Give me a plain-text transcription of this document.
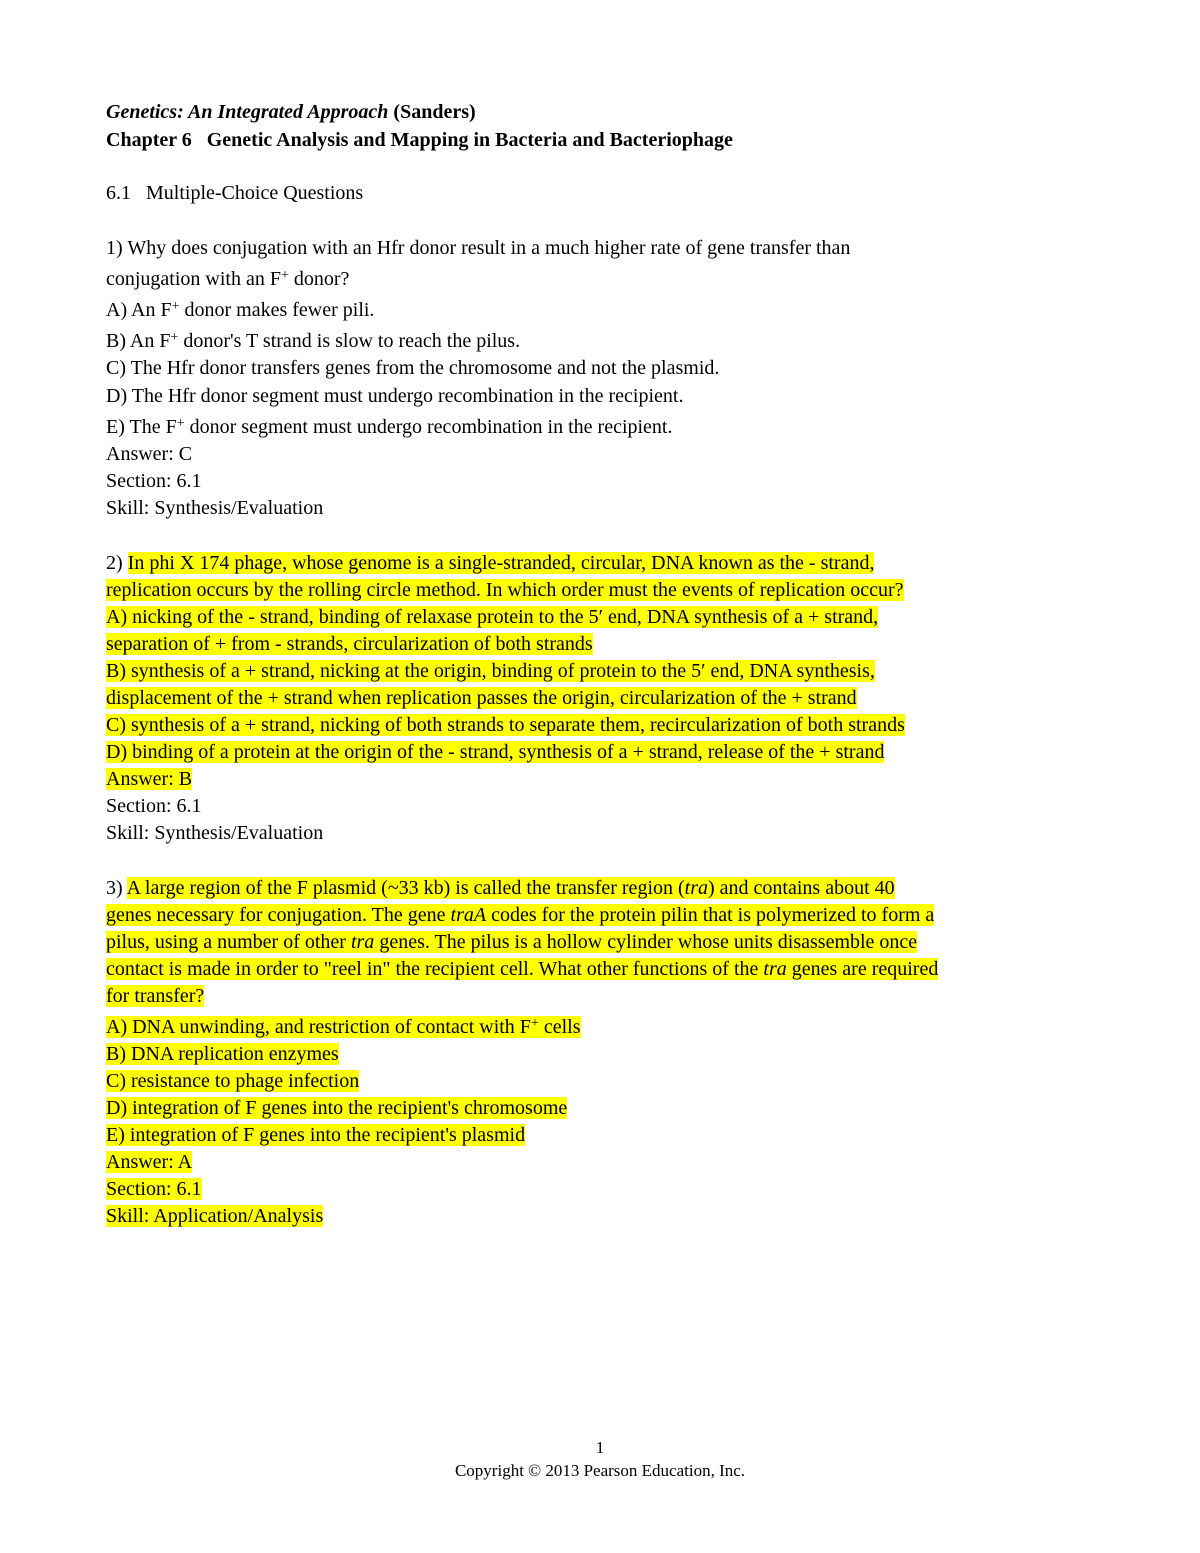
Genetics: An Integrated Approach (Sanders)
Chapter 6 Genetic Analysis and Mapping in Bacteria and Bacteriophage
6.1   Multiple-Choice Questions
1) Why does conjugation with an Hfr donor result in a much higher rate of gene transfer than
conjugation with an F+ donor?
A) An F+ donor makes fewer pili.
B) An F+ donor's T strand is slow to reach the pilus.
C) The Hfr donor transfers genes from the chromosome and not the plasmid.
D) The Hfr donor segment must undergo recombination in the recipient.
E) The F+ donor segment must undergo recombination in the recipient.
Answer: C
Section: 6.1
Skill: Synthesis/Evaluation
2) In phi X 174 phage, whose genome is a single-stranded, circular, DNA known as the - strand,
replication occurs by the rolling circle method. In which order must the events of replication occur?
A) nicking of the - strand, binding of relaxase protein to the 5′ end, DNA synthesis of a + strand,
separation of + from - strands, circularization of both strands
B) synthesis of a + strand, nicking at the origin, binding of protein to the 5′ end, DNA synthesis,
displacement of the + strand when replication passes the origin, circularization of the + strand
C) synthesis of a + strand, nicking of both strands to separate them, recircularization of both strands
D) binding of a protein at the origin of the - strand, synthesis of a + strand, release of the + strand
Answer: B
Section: 6.1
Skill: Synthesis/Evaluation
3) A large region of the F plasmid (~33 kb) is called the transfer region (tra) and contains about 40
genes necessary for conjugation. The gene traA codes for the protein pilin that is polymerized to form a
pilus, using a number of other tra genes. The pilus is a hollow cylinder whose units disassemble once
contact is made in order to "reel in" the recipient cell. What other functions of the tra genes are required
for transfer?
A) DNA unwinding, and restriction of contact with F+ cells
B) DNA replication enzymes
C) resistance to phage infection
D) integration of F genes into the recipient's chromosome
E) integration of F genes into the recipient's plasmid
Answer: A
Section: 6.1
Skill: Application/Analysis
1
Copyright © 2013 Pearson Education, Inc.
